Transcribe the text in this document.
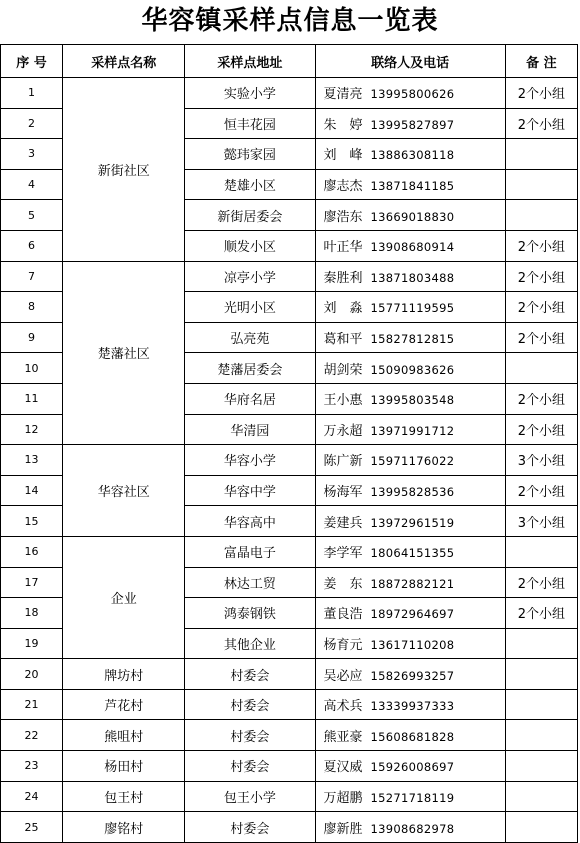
华容镇采样点信息一览表
序 号	采样点名称	采样点地址	联络人及电话	备 注
1	新街社区	实验小学	夏清亮 13995800626	2个小组
2		恒丰花园	朱　婷 13995827897	2个小组
3		懿玮家园	刘　峰 13886308118	
4		楚雄小区	廖志杰 13871841185	
5		新街居委会	廖浩东 13669018830	
6		顺发小区	叶正华 13908680914	2个小组
7	楚藩社区	凉亭小学	秦胜利 13871803488	2个小组
8		光明小区	刘　淼 15771119595	2个小组
9		弘亮苑	葛和平 15827812815	2个小组
10		楚藩居委会	胡剑荣 15090983626	
11		华府名居	王小惠 13995803548	2个小组
12		华清园	万永超 13971991712	2个小组
13	华容社区	华容小学	陈广新 15971176022	3个小组
14		华容中学	杨海军 13995828536	2个小组
15		华容高中	姜建兵 13972961519	3个小组
16	企业	富晶电子	李学军 18064151355	
17		林达工贸	姜　东 18872882121	2个小组
18		鸿泰钢铁	董良浩 18972964697	2个小组
19		其他企业	杨育元 13617110208	
20	牌坊村	村委会	吴必应 15826993257	
21	芦花村	村委会	高术兵 13339937333	
22	熊咀村	村委会	熊亚豪 15608681828	
23	杨田村	村委会	夏汉威 15926008697	
24	包王村	包王小学	万超鹏 15271718119	
25	廖铭村	村委会	廖新胜 13908682978	
